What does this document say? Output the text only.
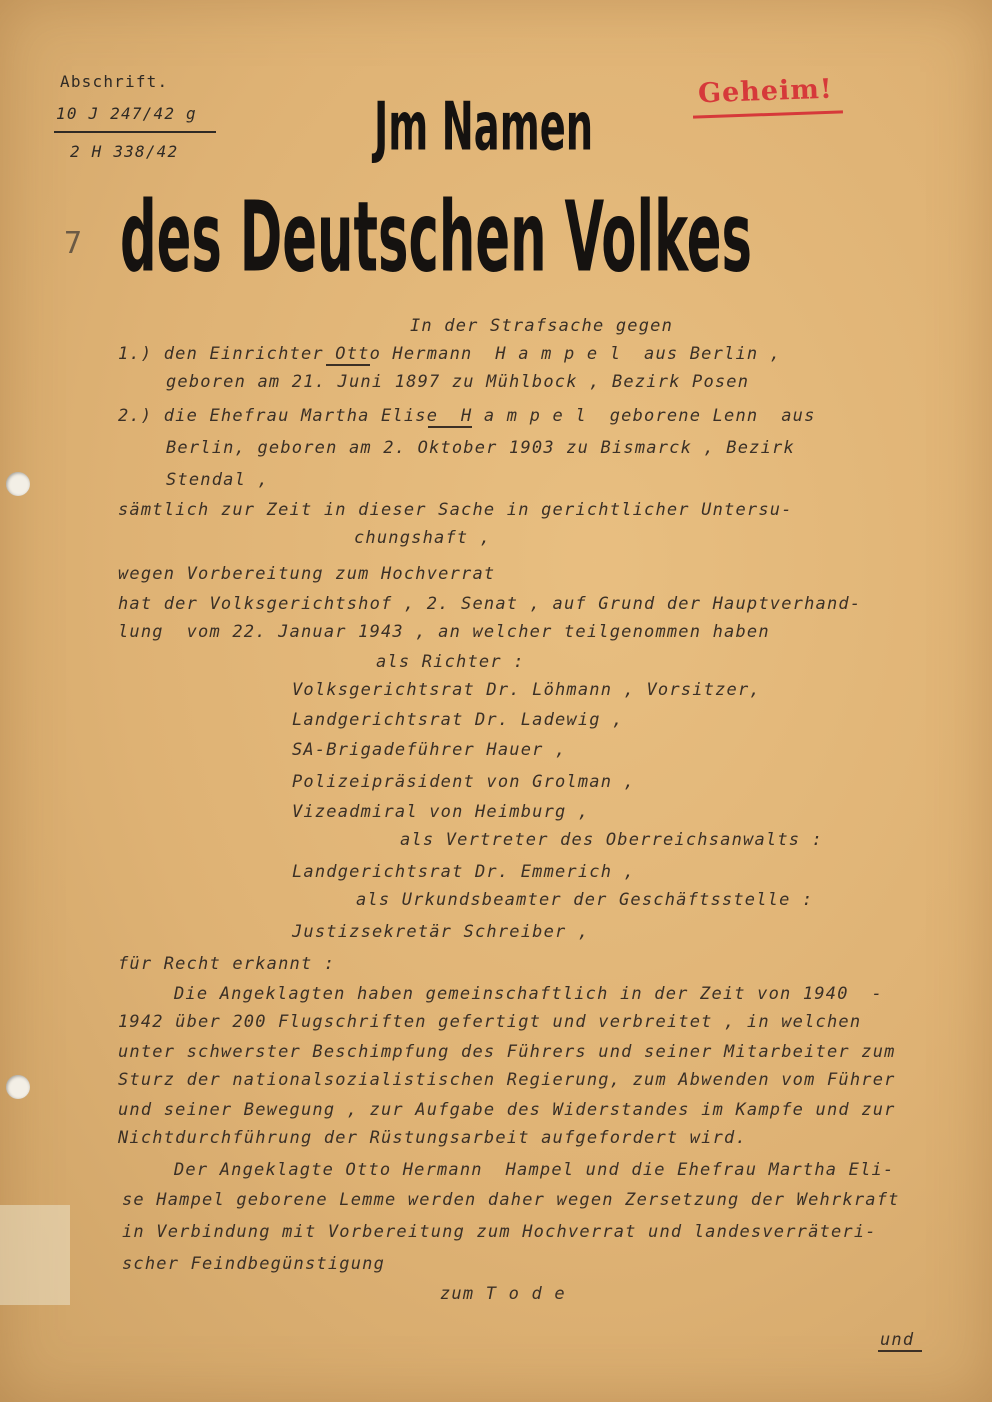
Abschrift.
10 J 247/42 g
2 H 338/42
7
Geheim!
Jm Namen
des Deutschen Volkes
In der Strafsache gegen
1.) den Einrichter Otto Hermann  H a m p e l  aus Berlin ,
geboren am 21. Juni 1897 zu Mühlbock , Bezirk Posen
2.) die Ehefrau Martha Elise  H a m p e l  geborene Lenn  aus
Berlin, geboren am 2. Oktober 1903 zu Bismarck , Bezirk
Stendal ,
sämtlich zur Zeit in dieser Sache in gerichtlicher Untersu-
chungshaft ,
wegen Vorbereitung zum Hochverrat
hat der Volksgerichtshof , 2. Senat , auf Grund der Hauptverhand-
lung  vom 22. Januar 1943 , an welcher teilgenommen haben
als Richter :
Volksgerichtsrat Dr. Löhmann , Vorsitzer,
Landgerichtsrat Dr. Ladewig ,
SA-Brigadeführer Hauer ,
Polizeipräsident von Grolman ,
Vizeadmiral von Heimburg ,
als Vertreter des Oberreichsanwalts :
Landgerichtsrat Dr. Emmerich ,
als Urkundsbeamter der Geschäftsstelle :
Justizsekretär Schreiber ,
für Recht erkannt :
Die Angeklagten haben gemeinschaftlich in der Zeit von 1940  -
1942 über 200 Flugschriften gefertigt und verbreitet , in welchen
unter schwerster Beschimpfung des Führers und seiner Mitarbeiter zum
Sturz der nationalsozialistischen Regierung, zum Abwenden vom Führer
und seiner Bewegung , zur Aufgabe des Widerstandes im Kampfe und zur
Nichtdurchführung der Rüstungsarbeit aufgefordert wird.
Der Angeklagte Otto Hermann  Hampel und die Ehefrau Martha Eli-
se Hampel geborene Lemme werden daher wegen Zersetzung der Wehrkraft
in Verbindung mit Vorbereitung zum Hochverrat und landesverräteri-
scher Feindbegünstigung
zum T o d e
und
